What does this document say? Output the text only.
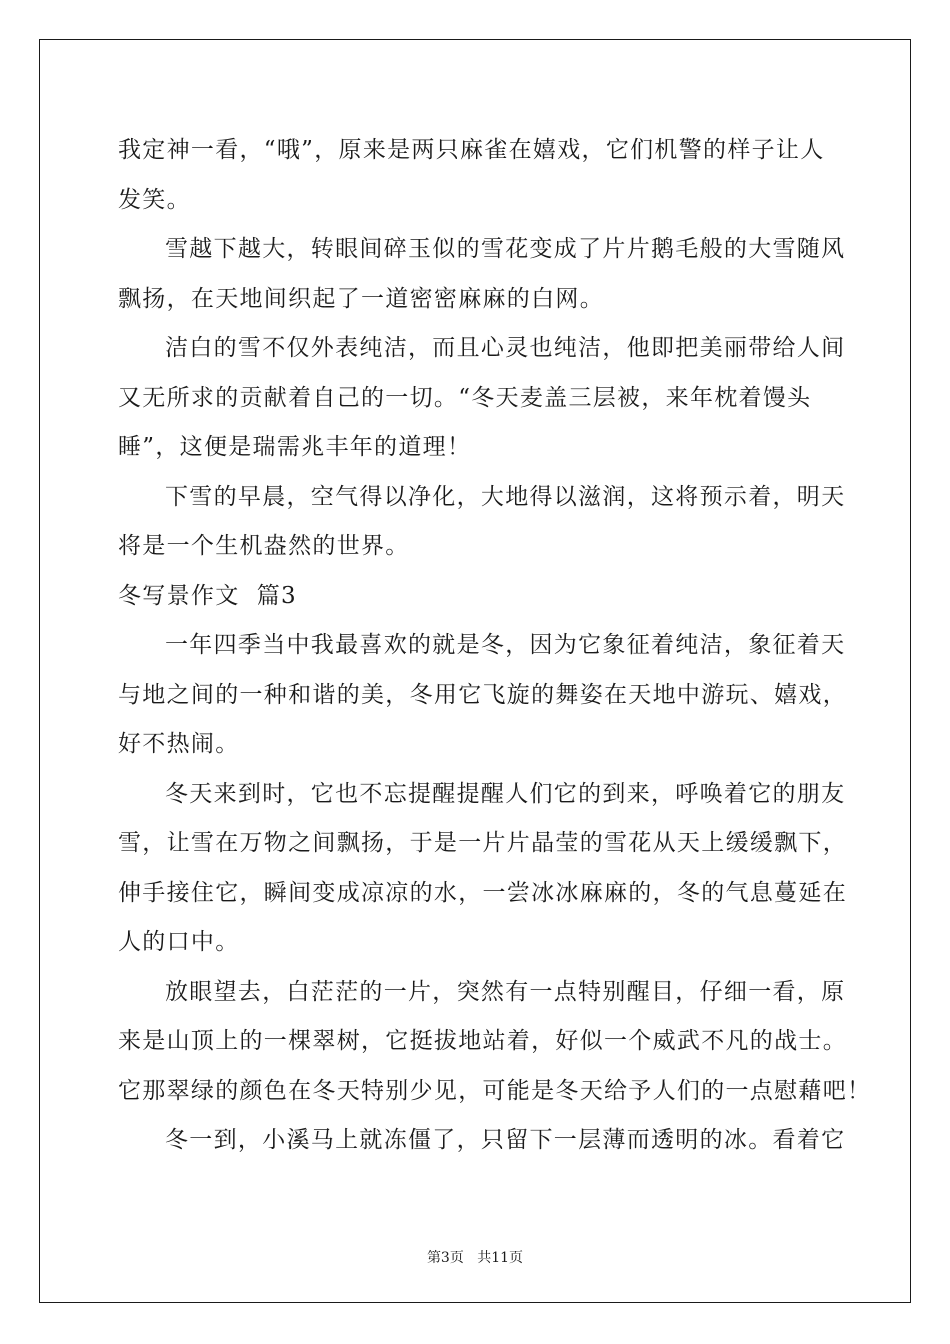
我定神一看，“哦”，原来是两只麻雀在嬉戏，它们机警的样子让人
发笑。
雪越下越大，转眼间碎玉似的雪花变成了片片鹅毛般的大雪随风
飘扬，在天地间织起了一道密密麻麻的白网。
洁白的雪不仅外表纯洁，而且心灵也纯洁，他即把美丽带给人间
又无所求的贡献着自己的一切。“冬天麦盖三层被，来年枕着馒头
睡”，这便是瑞需兆丰年的道理！
下雪的早晨，空气得以净化，大地得以滋润，这将预示着，明天
将是一个生机盎然的世界。
冬写景作文  篇3
一年四季当中我最喜欢的就是冬，因为它象征着纯洁，象征着天
与地之间的一种和谐的美，冬用它飞旋的舞姿在天地中游玩、嬉戏，
好不热闹。
冬天来到时，它也不忘提醒提醒人们它的到来，呼唤着它的朋友
雪，让雪在万物之间飘扬，于是一片片晶莹的雪花从天上缓缓飘下，
伸手接住它，瞬间变成凉凉的水，一尝冰冰麻麻的，冬的气息蔓延在
人的口中。
放眼望去，白茫茫的一片，突然有一点特别醒目，仔细一看，原
来是山顶上的一棵翠树，它挺拔地站着，好似一个威武不凡的战士。
它那翠绿的颜色在冬天特别少见，可能是冬天给予人们的一点慰藉吧！
冬一到，小溪马上就冻僵了，只留下一层薄而透明的冰。看着它
第3页 共11页
